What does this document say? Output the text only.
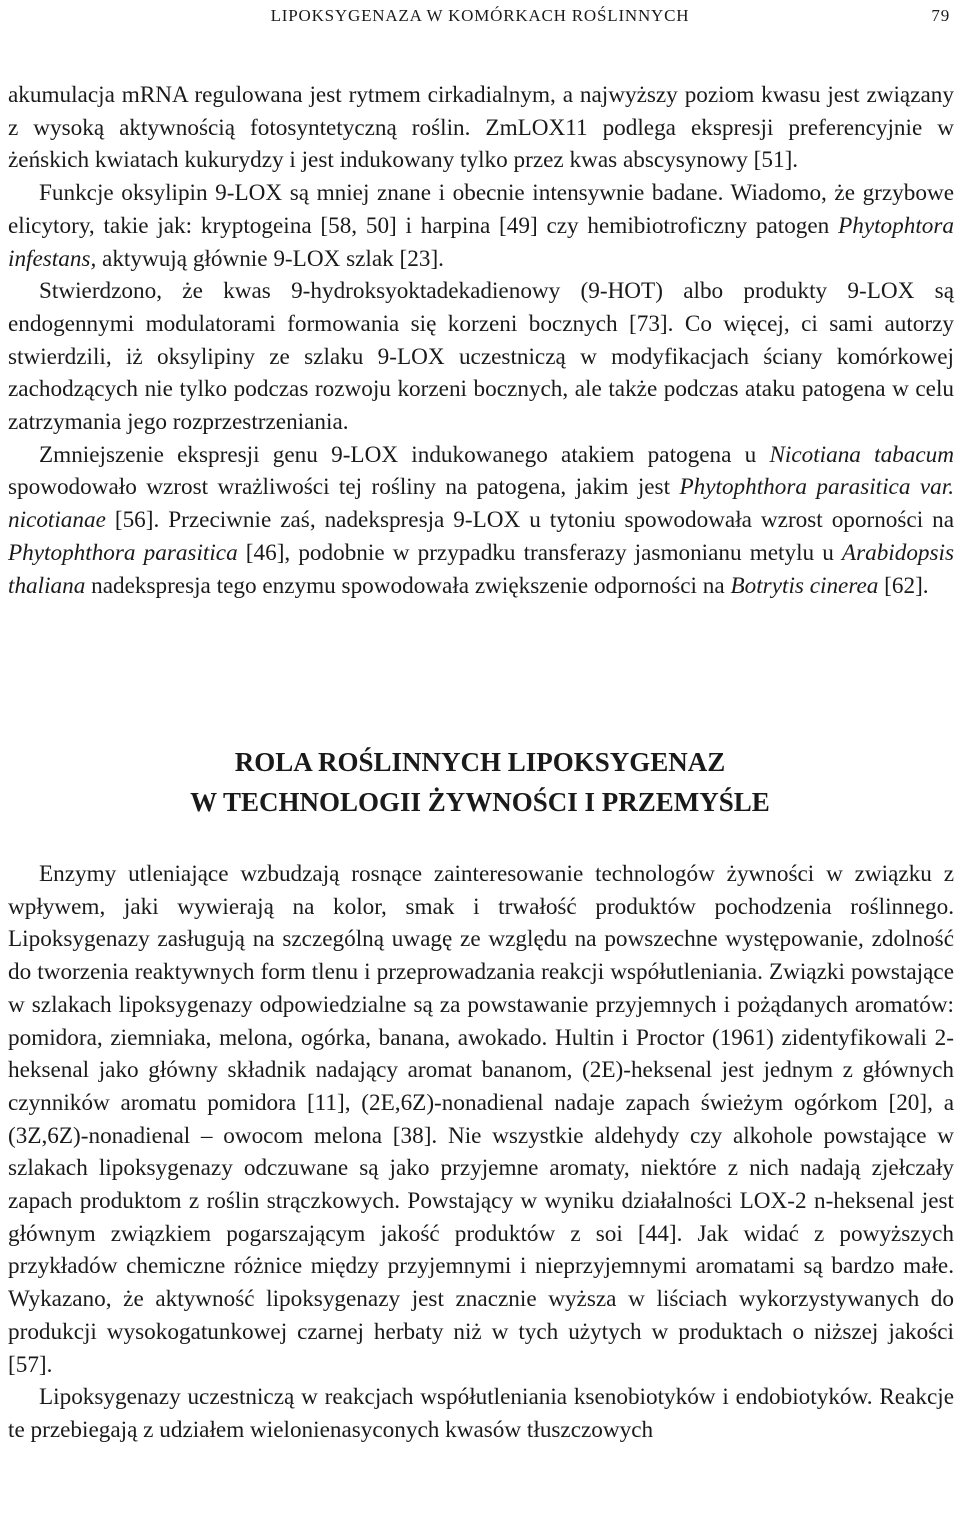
LIPOKSYGENAZA W KOMÓRKACH ROŚLINNYCH	79

akumulacja mRNA regulowana jest rytmem cirkadialnym, a najwyższy poziom kwasu jest związany z wysoką aktywnością fotosyntetyczną roślin. ZmLOX11 podlega ekspresji preferencyjnie w żeńskich kwiatach kukurydzy i jest indukowany tylko przez kwas abscysynowy [51].

Funkcje oksylipin 9-LOX są mniej znane i obecnie intensywnie badane. Wiadomo, że grzybowe elicytory, takie jak: kryptogeina [58, 50] i harpina [49] czy hemibiotroficzny patogen Phytophtora infestans, aktywują głównie 9-LOX szlak [23].

Stwierdzono, że kwas 9-hydroksyoktadekadienowy (9-HOT) albo produkty 9-LOX są endogennymi modulatorami formowania się korzeni bocznych [73]. Co więcej, ci sami autorzy stwierdzili, iż oksylipiny ze szlaku 9-LOX uczestniczą w modyfikacjach ściany komórkowej zachodzących nie tylko podczas rozwoju korzeni bocznych, ale także podczas ataku patogena w celu zatrzymania jego rozprzestrzeniania.

Zmniejszenie ekspresji genu 9-LOX indukowanego atakiem patogena u Nicotiana tabacum spowodowało wzrost wrażliwości tej rośliny na patogena, jakim jest Phytophthora parasitica var. nicotianae [56]. Przeciwnie zaś, nadekspresja 9-LOX u tytoniu spowodowała wzrost oporności na Phytophthora parasitica [46], podobnie w przypadku transferazy jasmonianu metylu u Arabidopsis thaliana nadekspresja tego enzymu spowodowała zwiększenie odporności na Botrytis cinerea [62].

ROLA ROŚLINNYCH LIPOKSYGENAZ
W TECHNOLOGII ŻYWNOŚCI I PRZEMYŚLE

Enzymy utleniające wzbudzają rosnące zainteresowanie technologów żywności w związku z wpływem, jaki wywierają na kolor, smak i trwałość produktów pochodzenia roślinnego. Lipoksygenazy zasługują na szczególną uwagę ze względu na powszechne występowanie, zdolność do tworzenia reaktywnych form tlenu i przeprowadzania reakcji współutleniania. Związki powstające w szlakach lipoksygenazy odpowiedzialne są za powstawanie przyjemnych i pożądanych aromatów: pomidora, ziemniaka, melona, ogórka, banana, awokado. Hultin i Proctor (1961) zidentyfikowali 2-heksenal jako główny składnik nadający aromat bananom, (2E)-heksenal jest jednym z głównych czynników aromatu pomidora [11], (2E,6Z)-nonadienal nadaje zapach świeżym ogórkom [20], a (3Z,6Z)-nonadienal – owocom melona [38]. Nie wszystkie aldehydy czy alkohole powstające w szlakach lipoksygenazy odczuwane są jako przyjemne aromaty, niektóre z nich nadają zjełczały zapach produktom z roślin strączkowych. Powstający w wyniku działalności LOX-2 n-heksenal jest głównym związkiem pogarszającym jakość produktów z soi [44]. Jak widać z powyższych przykładów chemiczne różnice między przyjemnymi i nieprzyjemnymi aromatami są bardzo małe. Wykazano, że aktywność lipoksygenazy jest znacznie wyższa w liściach wykorzystywanych do produkcji wysokogatunkowej czarnej herbaty niż w tych użytych w produktach o niższej jakości [57].

Lipoksygenazy uczestniczą w reakcjach współutleniania ksenobiotyków i endobiotyków. Reakcje te przebiegają z udziałem wielonienasyconych kwasów tłuszczowych
